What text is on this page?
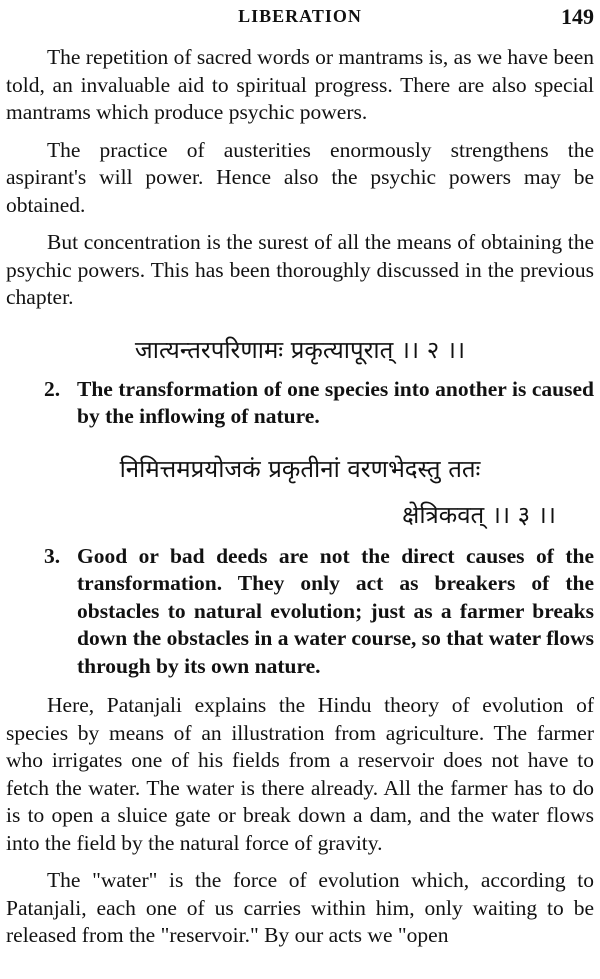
LIBERATION	149

The repetition of sacred words or mantrams is, as we have been told, an invaluable aid to spiritual progress. There are also special mantrams which produce psychic powers.

The practice of austerities enormously strengthens the aspirant's will power. Hence also the psychic powers may be obtained.

But concentration is the surest of all the means of obtaining the psychic powers. This has been thoroughly discussed in the previous chapter.

जात्यन्तरपरिणामः प्रकृत्यापूरात् ।। २ ।।
2. The transformation of one species into another is caused by the inflowing of nature.
निमित्तमप्रयोजकं प्रकृतीनां वरणभेदस्तु ततः
क्षेत्रिकवत् ।। ३ ।।
3. Good or bad deeds are not the direct causes of the transformation. They only act as breakers of the obstacles to natural evolution; just as a farmer breaks down the obstacles in a water course, so that water flows through by its own nature.

Here, Patanjali explains the Hindu theory of evolution of species by means of an illustration from agriculture. The farmer who irrigates one of his fields from a reservoir does not have to fetch the water. The water is there already. All the farmer has to do is to open a sluice gate or break down a dam, and the water flows into the field by the natural force of gravity.

The "water" is the force of evolution which, according to Patanjali, each one of us carries within him, only waiting to be released from the "reservoir." By our acts we "open
